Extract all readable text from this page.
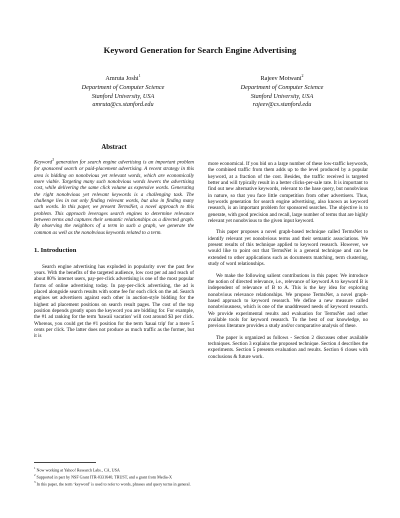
Keyword Generation for Search Engine Advertising
Amruta Joshi$^1$
Department of Computer Science
Stanford University, USA
amruta@cs.stanford.edu
Rajeev Motwani$^2$
Department of Computer Science
Stanford University, USA
rajeev@cs.stanford.edu
Abstract

Keyword$^3$ generation for search engine advertising is an important problem for sponsored search or paid-placement advertising. A recent strategy in this area is bidding on nonobvious yet relevant words, which are economically more viable. Targeting many such nonobvious words lowers the advertising cost, while delivering the same click volume as expensive words. Generating the right nonobvious yet relevant keywords is a challenging task. The challenge lies in not only finding relevant words, but also in finding many such words. In this paper, we present TermsNet, a novel approach to this problem. This approach leverages search engines to determine relevance between terms and captures their semantic relationships as a directed graph. By observing the neighbors of a term in such a graph, we generate the common as well as the nonobvious keywords related to a term.

1. Introduction

Search engine advertising has exploded in popularity over the past few years. With the benefits of the targeted audience, low cost per ad and reach of about 80% internet users, pay-per-click advertising is one of the most popular forms of online advertising today. In pay-per-click advertising, the ad is placed alongside search results with some fee for each click on the ad. Search engines set advertisers against each other in auction-style bidding for the highest ad placement positions on search result pages. The cost of the top position depends greatly upon the keyword you are bidding for. For example, the #1 ad ranking for the term 'hawaii vacation' will cost around $3 per click. Whereas, you could get the #1 position for the term 'kauai trip' for a mere 5 cents per click. The latter does not produce as much traffic as the former, but it is

more economical. If you bid on a large number of these low-traffic keywords, the combined traffic from them adds up to the level produced by a popular keyword, at a fraction of the cost. Besides, the traffic received is targeted better and will typically result in a better clicks-per-sale rate. It is important to find out new alternative keywords, relevant to the base query, but nonobvious in nature, so that you face little competition from other advertisers. Thus, keywords generation for search engine advertising, also known as keyword research, is an important problem for sponsored searches. The objective is to generate, with good precision and recall, large number of terms that are highly relevant yet nonobvious to the given input keyword.

This paper proposes a novel graph-based technique called TermsNet to identify relevant yet nonobvious terms and their semantic associations. We present results of this technique applied to keyword research. However, we would like to point out that TermsNet is a general technique and can be extended to other applications such as documents matching, term clustering, study of word relationships.

We make the following salient contributions in this paper. We introduce the notion of directed relevance, i.e., relevance of keyword A to keyword B is independent of relevance of B to A. This is the key idea for exploring nonobvious relevance relationships. We propose TermsNet, a novel graph-based approach to keyword research. We define a new measure called nonobviousness, which is one of the unaddressed needs of keyword research. We provide experimental results and evaluation for TermsNet and other available tools for keyword research. To the best of our knowledge, no previous literature provides a study and/or comparative analysis of these.

The paper is organized as follows - Section 2 discusses other available techniques. Section 3 explains the proposed technique. Section 4 describes the experiments. Section 5 presents evaluation and results. Section 6 closes with conclusions & future work.

$^1$ Now working at Yahoo! Research Labs., CA, USA
$^2$ Supported in part by NSF Grant ITR-0331640, TRUST, and a grant from Media-X
$^3$ In this paper, the term ‘keyword’ is used to refer to words, phrases and query terms in general.
